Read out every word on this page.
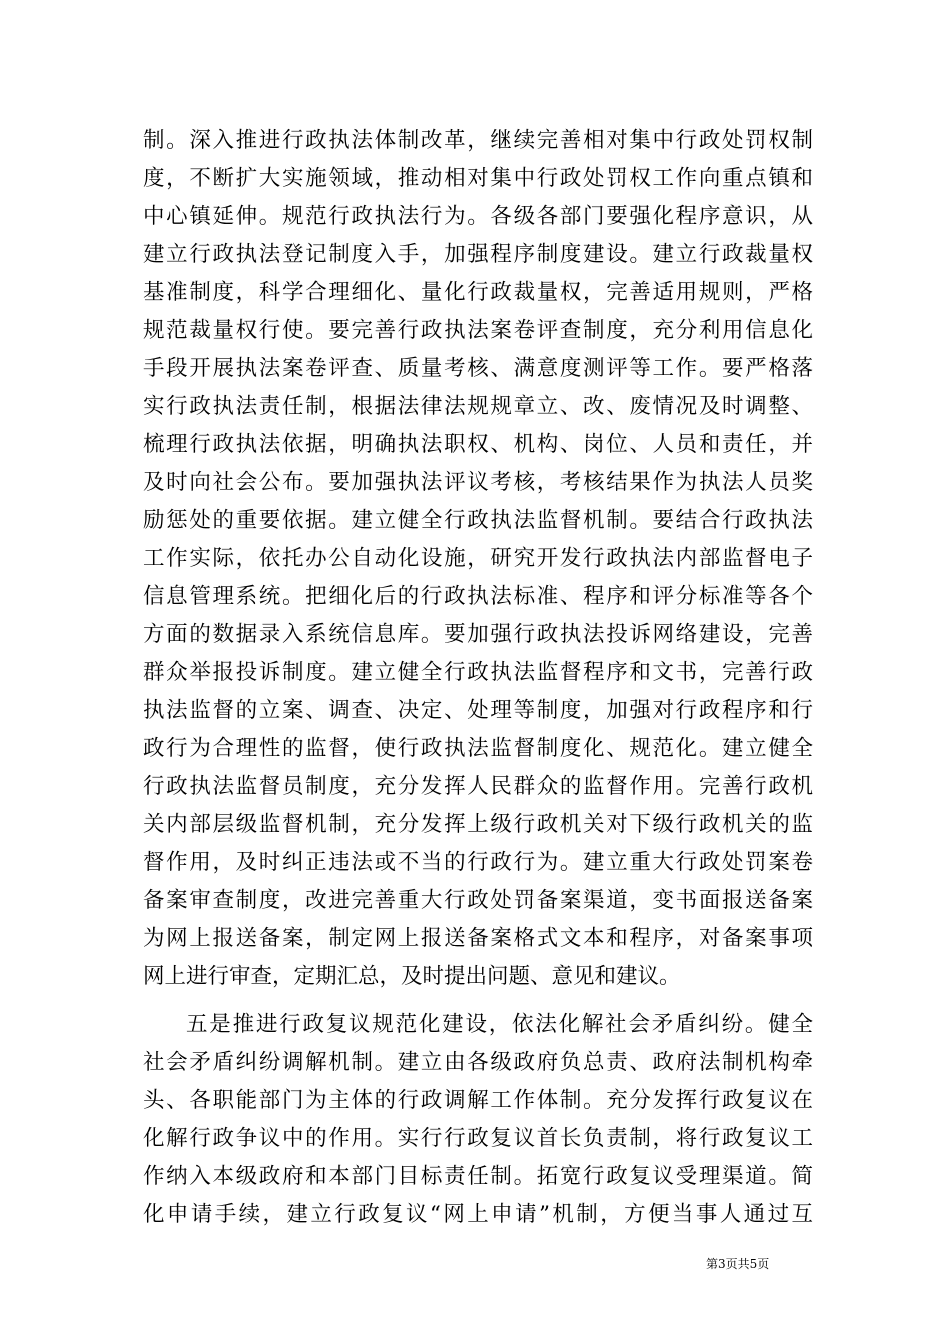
制。深入推进行政执法体制改革，继续完善相对集中行政处罚权制
度，不断扩大实施领域，推动相对集中行政处罚权工作向重点镇和
中心镇延伸。规范行政执法行为。各级各部门要强化程序意识，从
建立行政执法登记制度入手，加强程序制度建设。建立行政裁量权
基准制度，科学合理细化、量化行政裁量权，完善适用规则，严格
规范裁量权行使。要完善行政执法案卷评查制度，充分利用信息化
手段开展执法案卷评查、质量考核、满意度测评等工作。要严格落
实行政执法责任制，根据法律法规规章立、改、废情况及时调整、
梳理行政执法依据，明确执法职权、机构、岗位、人员和责任，并
及时向社会公布。要加强执法评议考核，考核结果作为执法人员奖
励惩处的重要依据。建立健全行政执法监督机制。要结合行政执法
工作实际，依托办公自动化设施，研究开发行政执法内部监督电子
信息管理系统。把细化后的行政执法标准、程序和评分标准等各个
方面的数据录入系统信息库。要加强行政执法投诉网络建设，完善
群众举报投诉制度。建立健全行政执法监督程序和文书，完善行政
执法监督的立案、调查、决定、处理等制度，加强对行政程序和行
政行为合理性的监督，使行政执法监督制度化、规范化。建立健全
行政执法监督员制度，充分发挥人民群众的监督作用。完善行政机
关内部层级监督机制，充分发挥上级行政机关对下级行政机关的监
督作用，及时纠正违法或不当的行政行为。建立重大行政处罚案卷
备案审查制度，改进完善重大行政处罚备案渠道，变书面报送备案
为网上报送备案，制定网上报送备案格式文本和程序，对备案事项
网上进行审查，定期汇总，及时提出问题、意见和建议。
五是推进行政复议规范化建设，依法化解社会矛盾纠纷。健全
社会矛盾纠纷调解机制。建立由各级政府负总责、政府法制机构牵
头、各职能部门为主体的行政调解工作体制。充分发挥行政复议在
化解行政争议中的作用。实行行政复议首长负责制，将行政复议工
作纳入本级政府和本部门目标责任制。拓宽行政复议受理渠道。简
化申请手续，建立行政复议“网上申请”机制，方便当事人通过互
第3页共5页
